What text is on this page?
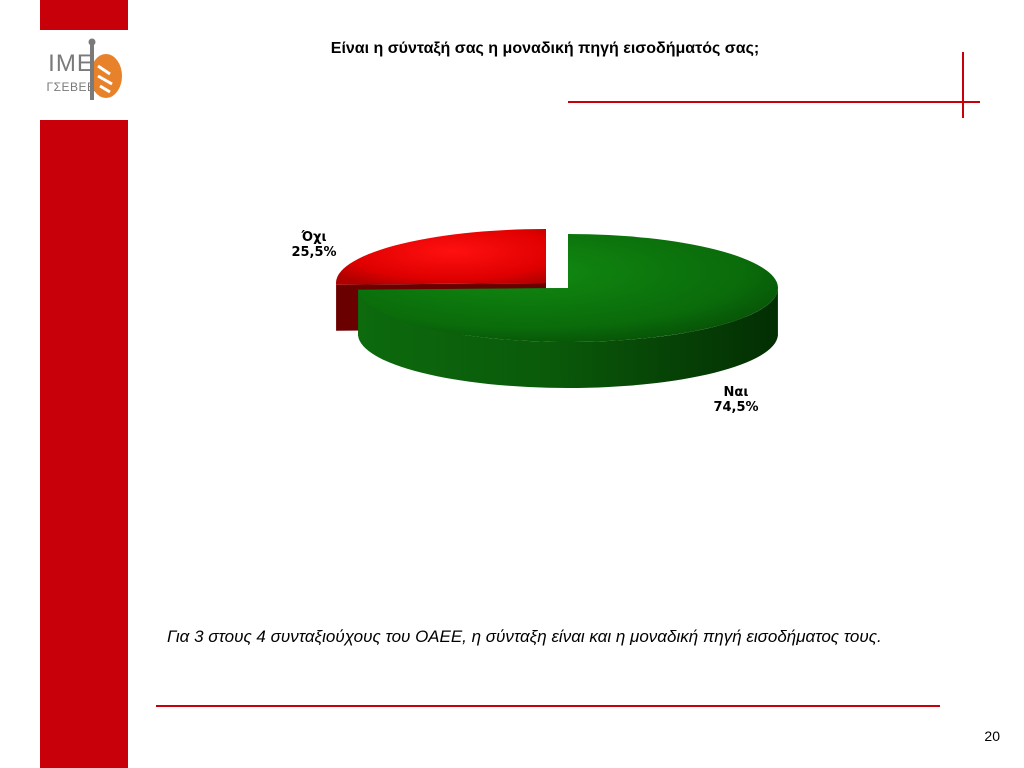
IME
ΓΣΕΒΕΕ
Είναι η σύνταξή σας η μοναδική πηγή εισοδήματός σας;
Ναι
74,5%
Όχι
25,5%
Για 3 στους 4 συνταξιούχους του ΟΑΕΕ, η σύνταξη είναι και η μοναδική πηγή εισοδήματος τους.
20
